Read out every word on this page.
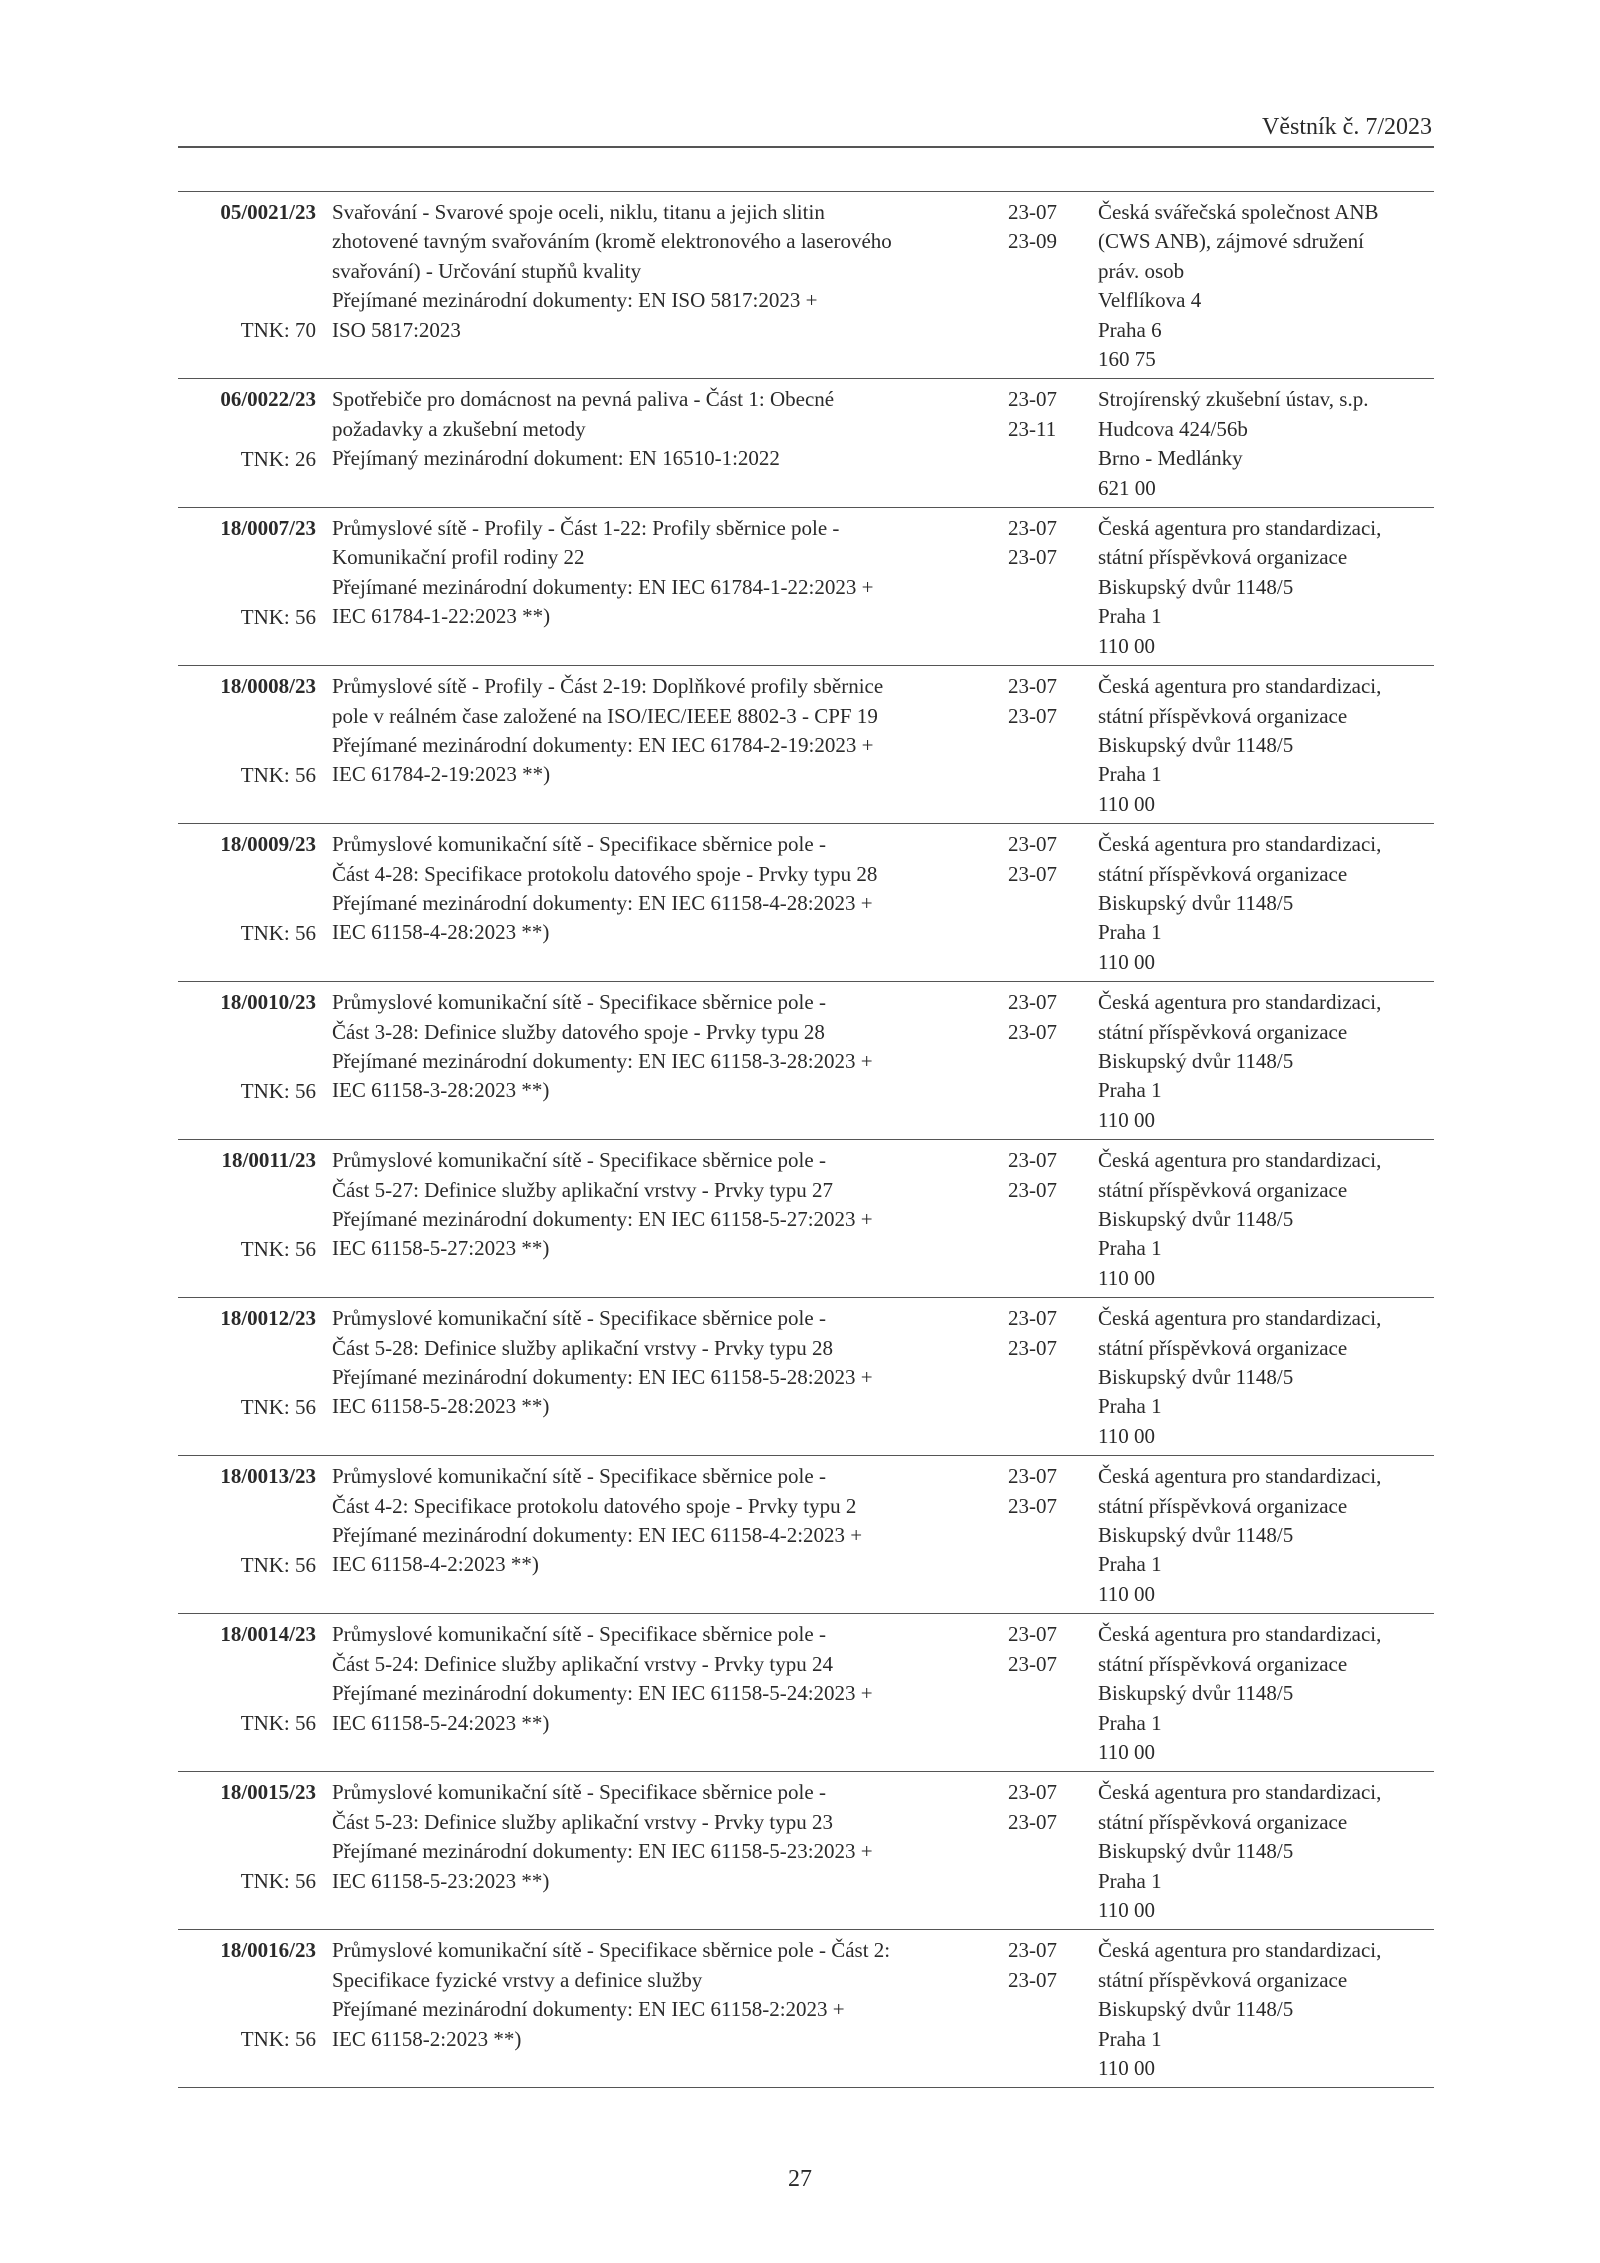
Věstník č. 7/2023
05/0021/23
TNK: 70
Svařování - Svarové spoje oceli, niklu, titanu a jejich slitin
zhotovené tavným svařováním (kromě elektronového a laserového
svařování) - Určování stupňů kvality
Přejímané mezinárodní dokumenty: EN ISO 5817:2023 +
ISO 5817:2023
23-07
23-09
Česká svářečská společnost ANB
(CWS ANB), zájmové sdružení
práv. osob
Velflíkova 4
Praha 6
160 75
06/0022/23
TNK: 26
Spotřebiče pro domácnost na pevná paliva - Část 1: Obecné
požadavky a zkušební metody
Přejímaný mezinárodní dokument: EN 16510-1:2022
23-07
23-11
Strojírenský zkušební ústav, s.p.
Hudcova 424/56b
Brno - Medlánky
621 00
18/0007/23
TNK: 56
Průmyslové sítě - Profily - Část 1-22: Profily sběrnice pole -
Komunikační profil rodiny 22
Přejímané mezinárodní dokumenty: EN IEC 61784-1-22:2023 +
IEC 61784-1-22:2023 **)
23-07
23-07
Česká agentura pro standardizaci,
státní příspěvková organizace
Biskupský dvůr 1148/5
Praha 1
110 00
18/0008/23
TNK: 56
Průmyslové sítě - Profily - Část 2-19: Doplňkové profily sběrnice
pole v reálném čase založené na ISO/IEC/IEEE 8802-3 - CPF 19
Přejímané mezinárodní dokumenty: EN IEC 61784-2-19:2023 +
IEC 61784-2-19:2023 **)
23-07
23-07
Česká agentura pro standardizaci,
státní příspěvková organizace
Biskupský dvůr 1148/5
Praha 1
110 00
18/0009/23
TNK: 56
Průmyslové komunikační sítě - Specifikace sběrnice pole -
Část 4-28: Specifikace protokolu datového spoje - Prvky typu 28
Přejímané mezinárodní dokumenty: EN IEC 61158-4-28:2023 +
IEC 61158-4-28:2023 **)
23-07
23-07
Česká agentura pro standardizaci,
státní příspěvková organizace
Biskupský dvůr 1148/5
Praha 1
110 00
18/0010/23
TNK: 56
Průmyslové komunikační sítě - Specifikace sběrnice pole -
Část 3-28: Definice služby datového spoje - Prvky typu 28
Přejímané mezinárodní dokumenty: EN IEC 61158-3-28:2023 +
IEC 61158-3-28:2023 **)
23-07
23-07
Česká agentura pro standardizaci,
státní příspěvková organizace
Biskupský dvůr 1148/5
Praha 1
110 00
18/0011/23
TNK: 56
Průmyslové komunikační sítě - Specifikace sběrnice pole -
Část 5-27: Definice služby aplikační vrstvy - Prvky typu 27
Přejímané mezinárodní dokumenty: EN IEC 61158-5-27:2023 +
IEC 61158-5-27:2023 **)
23-07
23-07
Česká agentura pro standardizaci,
státní příspěvková organizace
Biskupský dvůr 1148/5
Praha 1
110 00
18/0012/23
TNK: 56
Průmyslové komunikační sítě - Specifikace sběrnice pole -
Část 5-28: Definice služby aplikační vrstvy - Prvky typu 28
Přejímané mezinárodní dokumenty: EN IEC 61158-5-28:2023 +
IEC 61158-5-28:2023 **)
23-07
23-07
Česká agentura pro standardizaci,
státní příspěvková organizace
Biskupský dvůr 1148/5
Praha 1
110 00
18/0013/23
TNK: 56
Průmyslové komunikační sítě - Specifikace sběrnice pole -
Část 4-2: Specifikace protokolu datového spoje - Prvky typu 2
Přejímané mezinárodní dokumenty: EN IEC 61158-4-2:2023 +
IEC 61158-4-2:2023 **)
23-07
23-07
Česká agentura pro standardizaci,
státní příspěvková organizace
Biskupský dvůr 1148/5
Praha 1
110 00
18/0014/23
TNK: 56
Průmyslové komunikační sítě - Specifikace sběrnice pole -
Část 5-24: Definice služby aplikační vrstvy - Prvky typu 24
Přejímané mezinárodní dokumenty: EN IEC 61158-5-24:2023 +
IEC 61158-5-24:2023 **)
23-07
23-07
Česká agentura pro standardizaci,
státní příspěvková organizace
Biskupský dvůr 1148/5
Praha 1
110 00
18/0015/23
TNK: 56
Průmyslové komunikační sítě - Specifikace sběrnice pole -
Část 5-23: Definice služby aplikační vrstvy - Prvky typu 23
Přejímané mezinárodní dokumenty: EN IEC 61158-5-23:2023 +
IEC 61158-5-23:2023 **)
23-07
23-07
Česká agentura pro standardizaci,
státní příspěvková organizace
Biskupský dvůr 1148/5
Praha 1
110 00
18/0016/23
TNK: 56
Průmyslové komunikační sítě - Specifikace sběrnice pole - Část 2:
Specifikace fyzické vrstvy a definice služby
Přejímané mezinárodní dokumenty: EN IEC 61158-2:2023 +
IEC 61158-2:2023 **)
23-07
23-07
Česká agentura pro standardizaci,
státní příspěvková organizace
Biskupský dvůr 1148/5
Praha 1
110 00
27
